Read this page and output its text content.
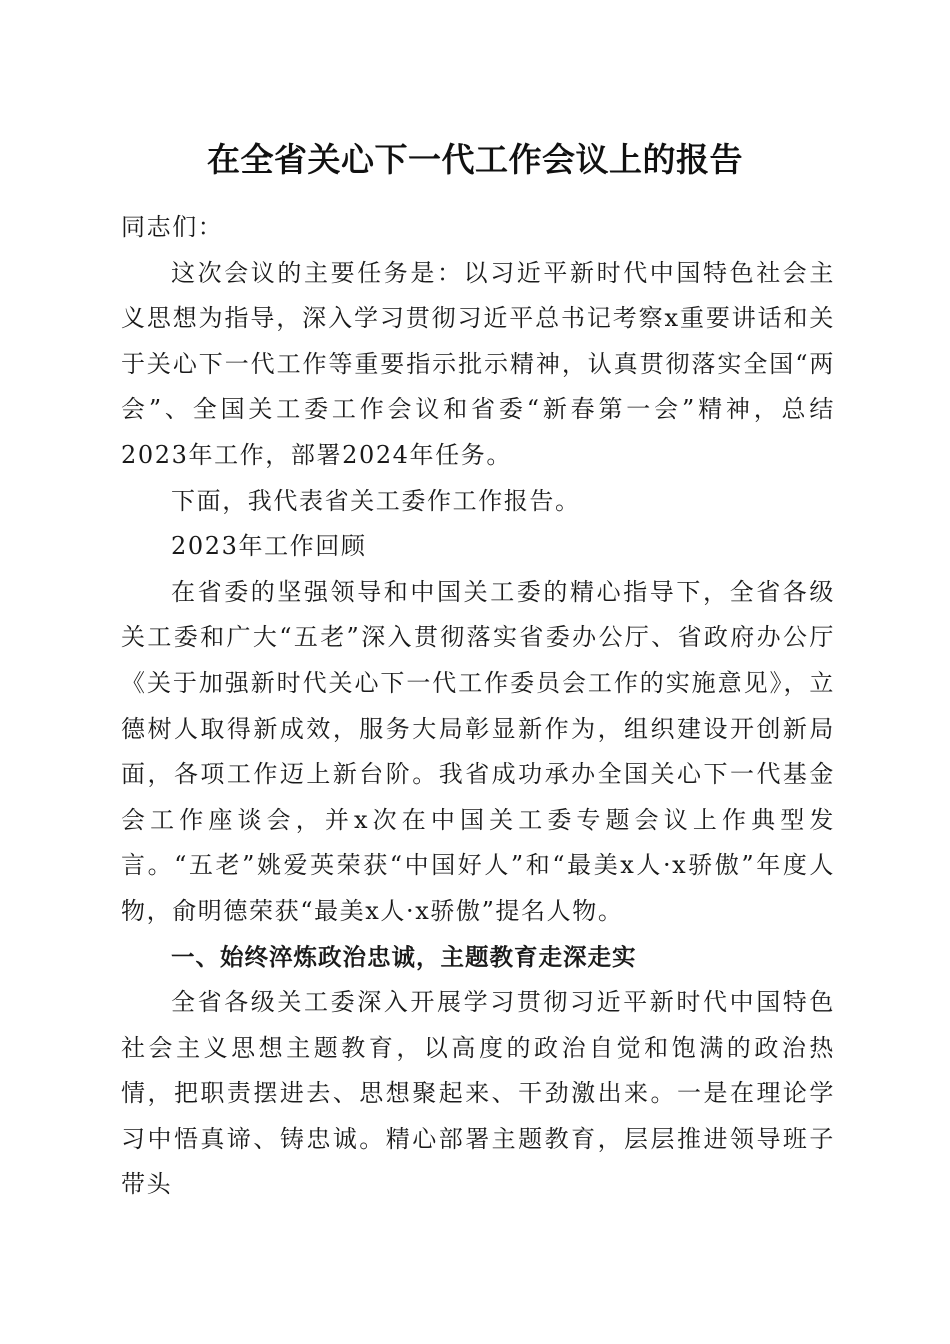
在全省关心下一代工作会议上的报告

同志们：

这次会议的主要任务是：以习近平新时代中国特色社会主义思想为指导，深入学习贯彻习近平总书记考察x重要讲话和关于关心下一代工作等重要指示批示精神，认真贯彻落实全国“两会”、全国关工委工作会议和省委“新春第一会”精神，总结2023年工作，部署2024年任务。

下面，我代表省关工委作工作报告。

2023年工作回顾

在省委的坚强领导和中国关工委的精心指导下，全省各级关工委和广大“五老”深入贯彻落实省委办公厅、省政府办公厅《关于加强新时代关心下一代工作委员会工作的实施意见》，立德树人取得新成效，服务大局彰显新作为，组织建设开创新局面，各项工作迈上新台阶。我省成功承办全国关心下一代基金会工作座谈会，并x次在中国关工委专题会议上作典型发言。“五老”姚爱英荣获“中国好人”和“最美x人·x骄傲”年度人物，俞明德荣获“最美x人·x骄傲”提名人物。

一、始终淬炼政治忠诚，主题教育走深走实

全省各级关工委深入开展学习贯彻习近平新时代中国特色社会主义思想主题教育，以高度的政治自觉和饱满的政治热情，把职责摆进去、思想聚起来、干劲激出来。一是在理论学习中悟真谛、铸忠诚。精心部署主题教育，层层推进领导班子带头
